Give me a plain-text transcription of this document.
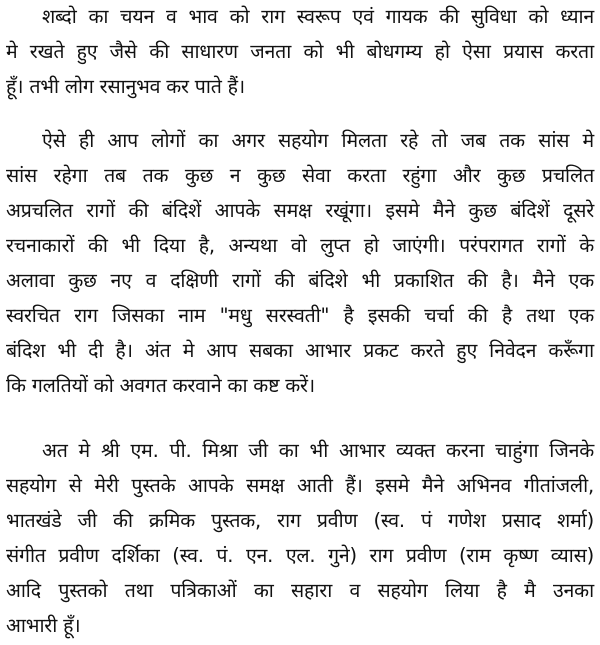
शब्दो का चयन व भाव को राग स्वरूप एवं गायक की सुविधा को ध्यान
मे रखते हुए जैसे की साधारण जनता को भी बोधगम्य हो ऐसा प्रयास करता
हूँ। तभी लोग रसानुभव कर पाते हैं।
ऐसे ही आप लोगों का अगर सहयोग मिलता रहे तो जब तक सांस मे
सांस रहेगा तब तक कुछ न कुछ सेवा करता रहुंगा और कुछ प्रचलित
अप्रचलित रागों की बंदिशें आपके समक्ष रखूंगा। इसमे मैने कुछ बंदिशें दूसरे
रचनाकारों की भी दिया है, अन्यथा वो लुप्त हो जाएंगी। परंपरागत रागों के
अलावा कुछ नए व दक्षिणी रागों की बंदिशे भी प्रकाशित की है। मैने एक
स्वरचित राग जिसका नाम "मधु सरस्वती" है इसकी चर्चा की है तथा एक
बंदिश भी दी है। अंत मे आप सबका आभार प्रकट करते हुए निवेदन करूँगा
कि गलतियों को अवगत करवाने का कष्ट करें।
अत मे श्री एम. पी. मिश्रा जी का भी आभार व्यक्त करना चाहुंगा जिनके
सहयोग से मेरी पुस्तके आपके समक्ष आती हैं। इसमे मैने अभिनव गीतांजली,
भातखंडे जी की क्रमिक पुस्तक, राग प्रवीण (स्व. पं गणेश प्रसाद शर्मा)
संगीत प्रवीण दर्शिका (स्व. पं. एन. एल. गुने) राग प्रवीण (राम कृष्ण व्यास)
आदि पुस्तको तथा पत्रिकाओं का सहारा व सहयोग लिया है मै उनका
आभारी हूँ।
